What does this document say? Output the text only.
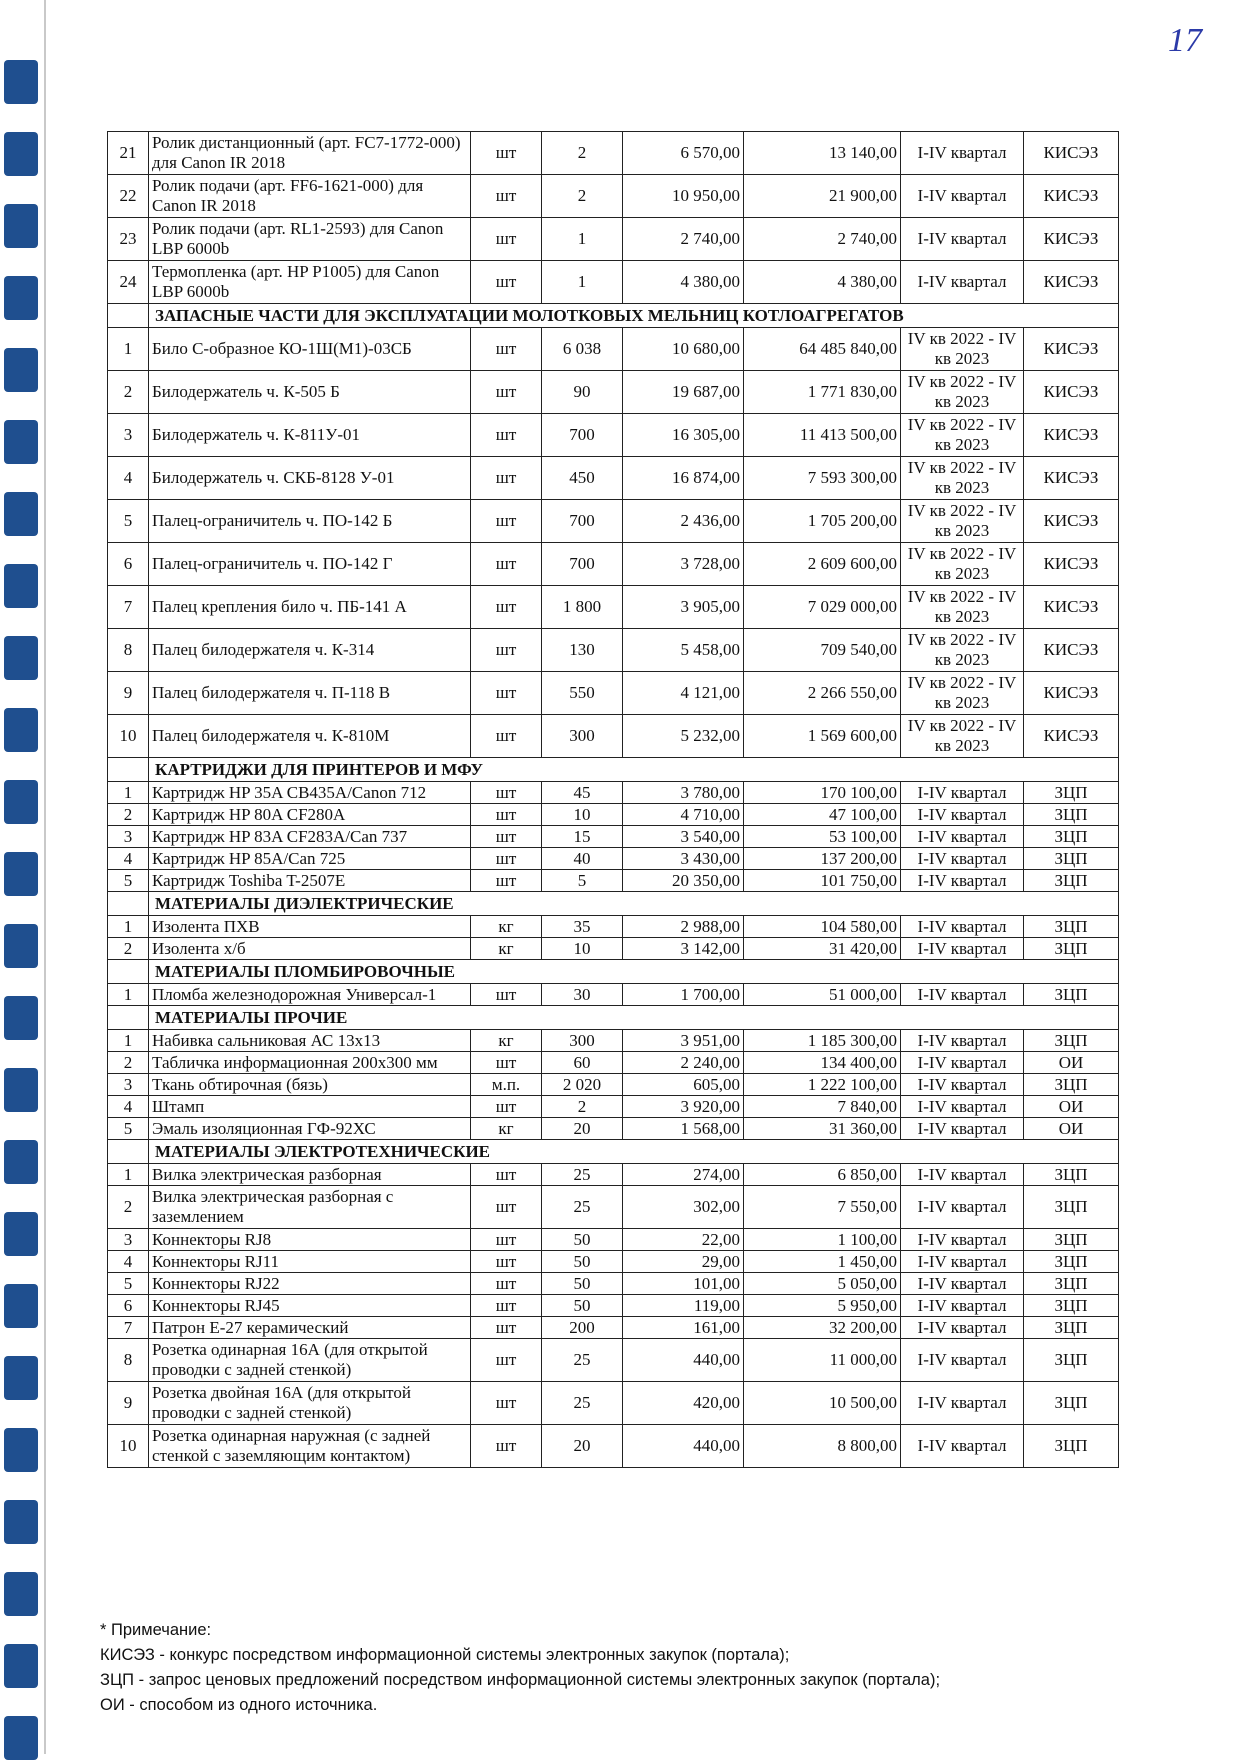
17
21	Ролик дистанционный (арт. FC7-1772-000) для Canon IR 2018	шт	2	6 570,00	13 140,00	I-IV квартал	КИСЭЗ
22	Ролик подачи (арт. FF6-1621-000) для Canon IR 2018	шт	2	10 950,00	21 900,00	I-IV квартал	КИСЭЗ
23	Ролик подачи (арт. RL1-2593) для Canon LBP 6000b	шт	1	2 740,00	2 740,00	I-IV квартал	КИСЭЗ
24	Термопленка (арт. HP P1005) для Canon LBP 6000b	шт	1	4 380,00	4 380,00	I-IV квартал	КИСЭЗ
	ЗАПАСНЫЕ ЧАСТИ ДЛЯ ЭКСПЛУАТАЦИИ МОЛОТКОВЫХ МЕЛЬНИЦ КОТЛОАГРЕГАТОВ						
1	Било С-образное КО-1Ш(М1)-03СБ	шт	6 038	10 680,00	64 485 840,00	IV кв 2022 - IV кв 2023	КИСЭЗ
2	Билодержатель ч. К-505 Б	шт	90	19 687,00	1 771 830,00	IV кв 2022 - IV кв 2023	КИСЭЗ
3	Билодержатель ч. К-811У-01	шт	700	16 305,00	11 413 500,00	IV кв 2022 - IV кв 2023	КИСЭЗ
4	Билодержатель ч. СКБ-8128 У-01	шт	450	16 874,00	7 593 300,00	IV кв 2022 - IV кв 2023	КИСЭЗ
5	Палец-ограничитель ч. ПО-142 Б	шт	700	2 436,00	1 705 200,00	IV кв 2022 - IV кв 2023	КИСЭЗ
6	Палец-ограничитель ч. ПО-142 Г	шт	700	3 728,00	2 609 600,00	IV кв 2022 - IV кв 2023	КИСЭЗ
7	Палец крепления било ч. ПБ-141 А	шт	1 800	3 905,00	7 029 000,00	IV кв 2022 - IV кв 2023	КИСЭЗ
8	Палец билодержателя ч. К-314	шт	130	5 458,00	709 540,00	IV кв 2022 - IV кв 2023	КИСЭЗ
9	Палец билодержателя ч. П-118 В	шт	550	4 121,00	2 266 550,00	IV кв 2022 - IV кв 2023	КИСЭЗ
10	Палец билодержателя ч. К-810М	шт	300	5 232,00	1 569 600,00	IV кв 2022 - IV кв 2023	КИСЭЗ
	КАРТРИДЖИ ДЛЯ ПРИНТЕРОВ И МФУ						
1	Картридж HP 35A CB435A/Canon 712	шт	45	3 780,00	170 100,00	I-IV квартал	ЗЦП
2	Картридж HP 80A CF280A	шт	10	4 710,00	47 100,00	I-IV квартал	ЗЦП
3	Картридж HP 83A CF283A/Can 737	шт	15	3 540,00	53 100,00	I-IV квартал	ЗЦП
4	Картридж HP 85A/Can 725	шт	40	3 430,00	137 200,00	I-IV квартал	ЗЦП
5	Картридж Toshiba T-2507E	шт	5	20 350,00	101 750,00	I-IV квартал	ЗЦП
	МАТЕРИАЛЫ ДИЭЛЕКТРИЧЕСКИЕ						
1	Изолента ПХВ	кг	35	2 988,00	104 580,00	I-IV квартал	ЗЦП
2	Изолента х/б	кг	10	3 142,00	31 420,00	I-IV квартал	ЗЦП
	МАТЕРИАЛЫ ПЛОМБИРОВОЧНЫЕ						
1	Пломба железнодорожная Универсал-1	шт	30	1 700,00	51 000,00	I-IV квартал	ЗЦП
	МАТЕРИАЛЫ ПРОЧИЕ						
1	Набивка сальниковая АС 13х13	кг	300	3 951,00	1 185 300,00	I-IV квартал	ЗЦП
2	Табличка информационная 200х300 мм	шт	60	2 240,00	134 400,00	I-IV квартал	ОИ
3	Ткань обтирочная (бязь)	м.п.	2 020	605,00	1 222 100,00	I-IV квартал	ЗЦП
4	Штамп	шт	2	3 920,00	7 840,00	I-IV квартал	ОИ
5	Эмаль изоляционная ГФ-92ХС	кг	20	1 568,00	31 360,00	I-IV квартал	ОИ
	МАТЕРИАЛЫ ЭЛЕКТРОТЕХНИЧЕСКИЕ						
1	Вилка электрическая разборная	шт	25	274,00	6 850,00	I-IV квартал	ЗЦП
2	Вилка электрическая разборная с заземлением	шт	25	302,00	7 550,00	I-IV квартал	ЗЦП
3	Коннекторы RJ8	шт	50	22,00	1 100,00	I-IV квартал	ЗЦП
4	Коннекторы RJ11	шт	50	29,00	1 450,00	I-IV квартал	ЗЦП
5	Коннекторы RJ22	шт	50	101,00	5 050,00	I-IV квартал	ЗЦП
6	Коннекторы RJ45	шт	50	119,00	5 950,00	I-IV квартал	ЗЦП
7	Патрон Е-27 керамический	шт	200	161,00	32 200,00	I-IV квартал	ЗЦП
8	Розетка одинарная 16А (для открытой проводки с задней стенкой)	шт	25	440,00	11 000,00	I-IV квартал	ЗЦП
9	Розетка двойная 16А (для открытой проводки с задней стенкой)	шт	25	420,00	10 500,00	I-IV квартал	ЗЦП
10	Розетка одинарная наружная (с задней стенкой с заземляющим контактом)	шт	20	440,00	8 800,00	I-IV квартал	ЗЦП
* Примечание:
КИСЭЗ - конкурс посредством информационной системы электронных закупок (портала);
ЗЦП - запрос ценовых предложений посредством информационной системы электронных закупок (портала);
ОИ - способом из одного источника.
